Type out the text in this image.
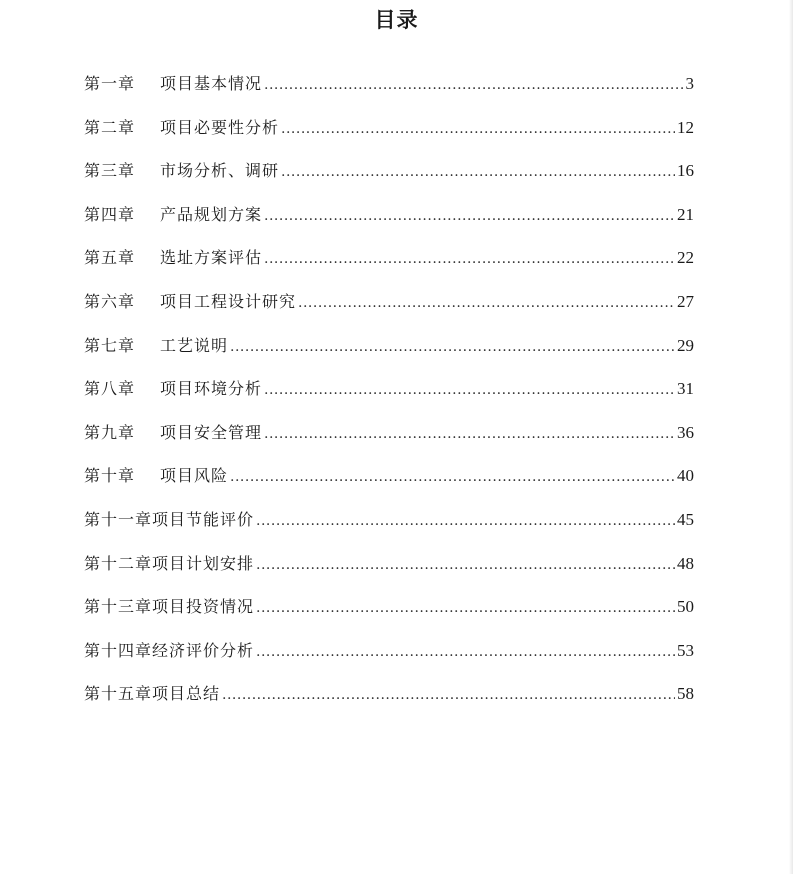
目录
第一章	项目基本情况 .....	3
第二章	项目必要性分析 .....	12
第三章	市场分析、调研 .....	16
第四章	产品规划方案 .....	21
第五章	选址方案评估 .....	22
第六章	项目工程设计研究 .....	27
第七章	工艺说明 .....	29
第八章	项目环境分析 .....	31
第九章	项目安全管理 .....	36
第十章	项目风险 .....	40
第十一章 项目节能评价 .....	45
第十二章 项目计划安排 .....	48
第十三章 项目投资情况 .....	50
第十四章 经济评价分析 .....	53
第十五章 项目总结 .....	58
